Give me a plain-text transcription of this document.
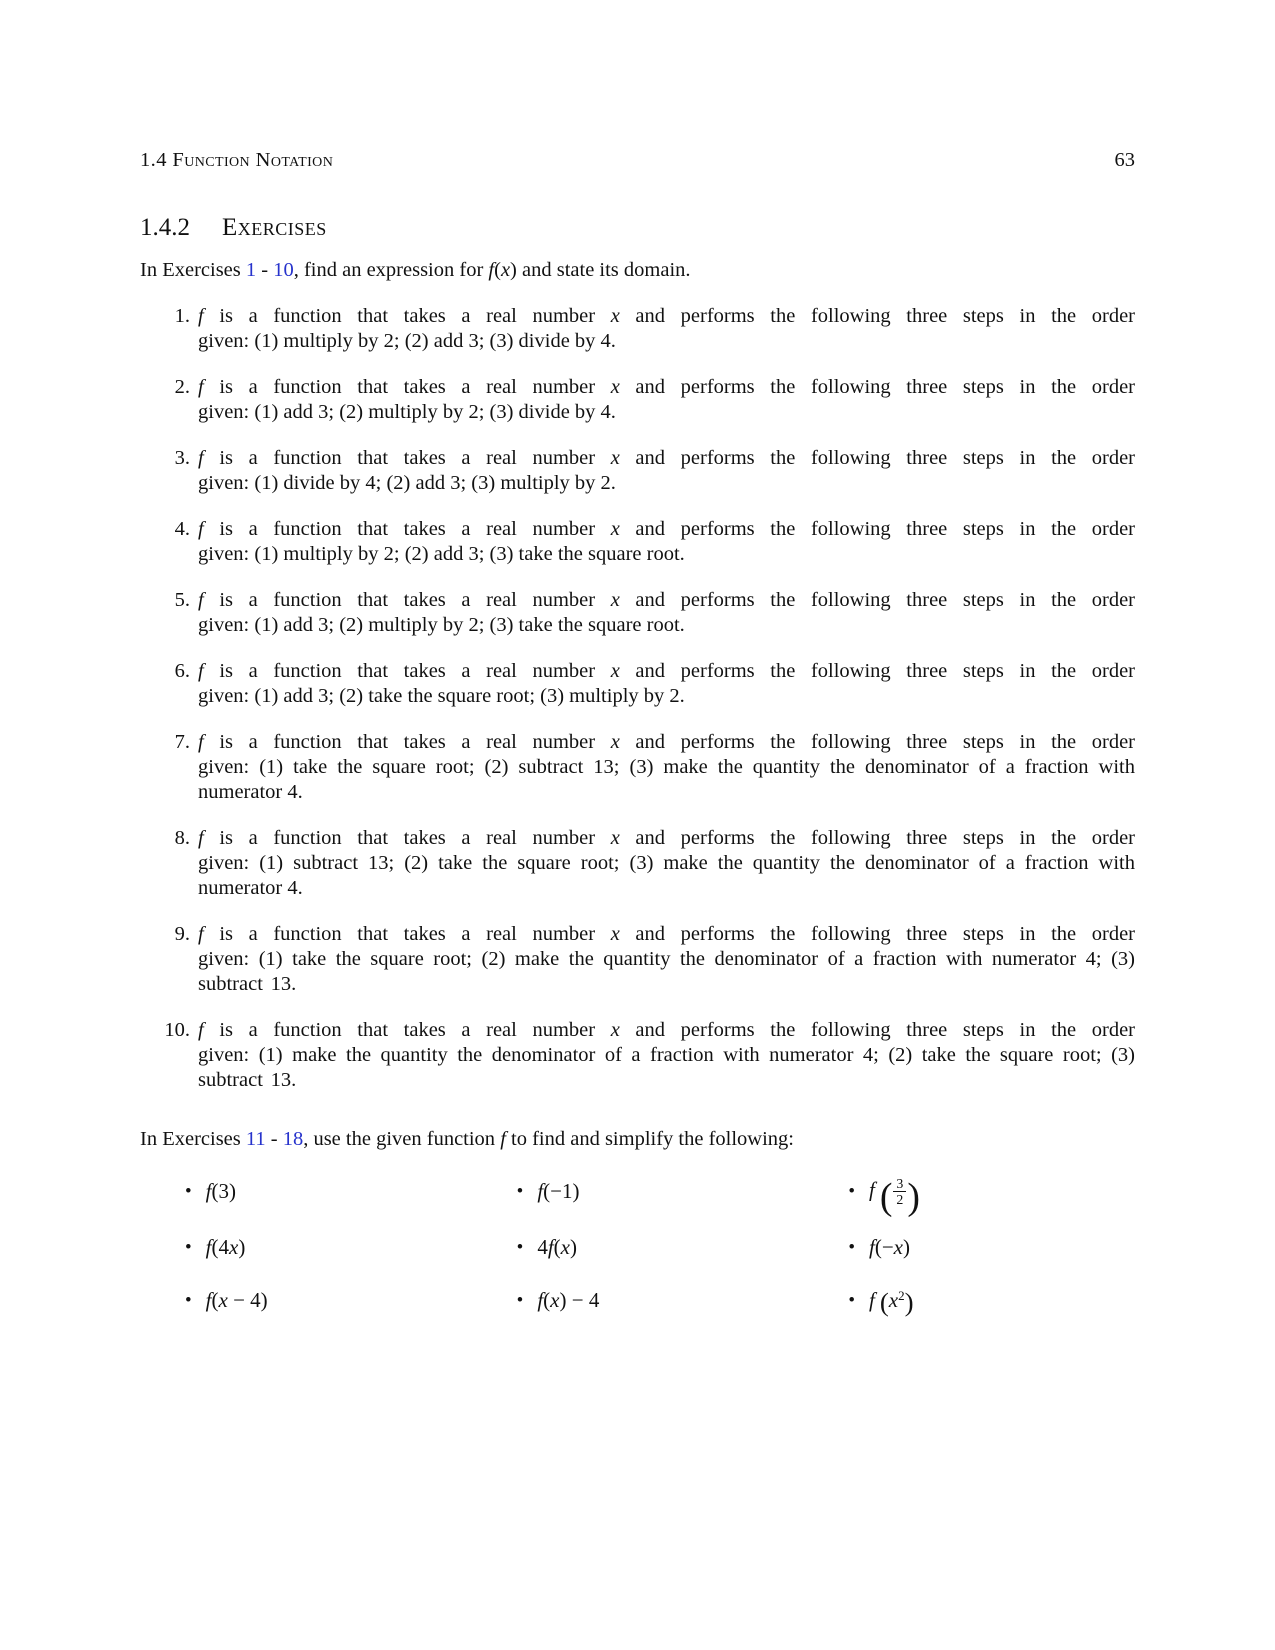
1.4 Function Notation	63
1.4.2 Exercises

In Exercises 1 - 10, find an expression for f(x) and state its domain.

1. f is a function that takes a real number x and performs the following three steps in the order
given: (1) multiply by 2; (2) add 3; (3) divide by 4.
2. f is a function that takes a real number x and performs the following three steps in the order
given: (1) add 3; (2) multiply by 2; (3) divide by 4.
3. f is a function that takes a real number x and performs the following three steps in the order
given: (1) divide by 4; (2) add 3; (3) multiply by 2.
4. f is a function that takes a real number x and performs the following three steps in the order
given: (1) multiply by 2; (2) add 3; (3) take the square root.
5. f is a function that takes a real number x and performs the following three steps in the order
given: (1) add 3; (2) multiply by 2; (3) take the square root.
6. f is a function that takes a real number x and performs the following three steps in the order
given: (1) add 3; (2) take the square root; (3) multiply by 2.
7. f is a function that takes a real number x and performs the following three steps in the order
given: (1) take the square root; (2) subtract 13; (3) make the quantity the denominator of a fraction with numerator 4.
8. f is a function that takes a real number x and performs the following three steps in the order
given: (1) subtract 13; (2) take the square root; (3) make the quantity the denominator of a fraction with numerator 4.
9. f is a function that takes a real number x and performs the following three steps in the order
given: (1) take the square root; (2) make the quantity the denominator of a fraction with numerator 4; (3) subtract 13.
10. f is a function that takes a real number x and performs the following three steps in the order
given: (1) make the quantity the denominator of a fraction with numerator 4; (2) take the square root; (3) subtract 13.

In Exercises 11 - 18, use the given function f to find and simplify the following:

• f(3)	• f(−1)	• f ( $\frac{3}{2}$ )
• f(4x)	• 4f(x)	• f(−x)
• f(x − 4)	• f(x) − 4	• f $(x^2)$
